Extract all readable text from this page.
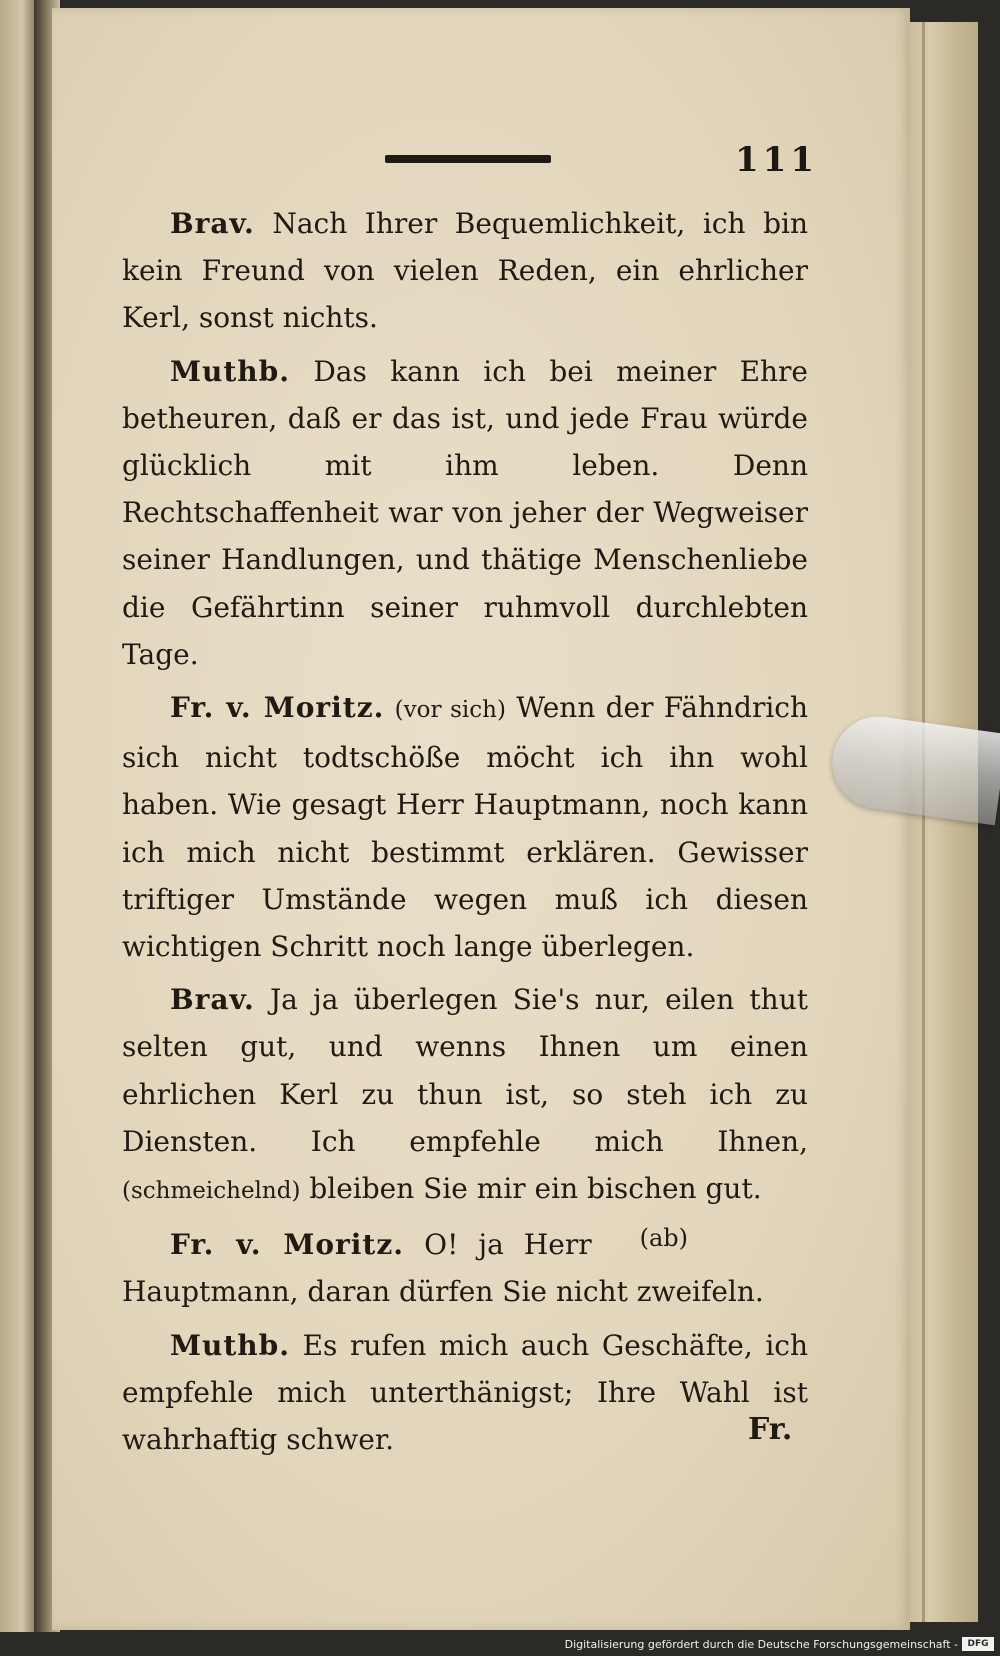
111

Brav. Nach Ihrer Bequemlichkeit, ich bin kein Freund von vielen Reden, ein ehrlicher Kerl, sonst nichts.

Muthb. Das kann ich bei meiner Ehre betheuren, daß er das ist, und jede Frau würde glücklich mit ihm leben. Denn Rechtschaffenheit war von jeher der Wegweiser seiner Handlungen, und thätige Menschenliebe die Gefährtinn seiner ruhmvoll durchlebten Tage.

Fr. v. Moritz. (vor sich) Wenn der Fähndrich sich nicht todtschöße möcht ich ihn wohl haben. Wie gesagt Herr Hauptmann, noch kann ich mich nicht bestimmt erklären. Gewisser triftiger Umstände wegen muß ich diesen wichtigen Schritt noch lange überlegen.

Brav. Ja ja überlegen Sie's nur, eilen thut selten gut, und wenns Ihnen um einen ehrlichen Kerl zu thun ist, so steh ich zu Diensten. Ich empfehle mich Ihnen, (schmeichelnd) bleiben Sie mir ein bischen gut.
(ab)

Fr. v. Moritz. O! ja Herr Hauptmann, daran dürfen Sie nicht zweifeln.

Muthb. Es rufen mich auch Geschäfte, ich empfehle mich unterthänigst; Ihre Wahl ist wahrhaftig schwer.	Fr.
Digitalisierung gefördert durch die Deutsche Forschungsgemeinschaft -	DFG
